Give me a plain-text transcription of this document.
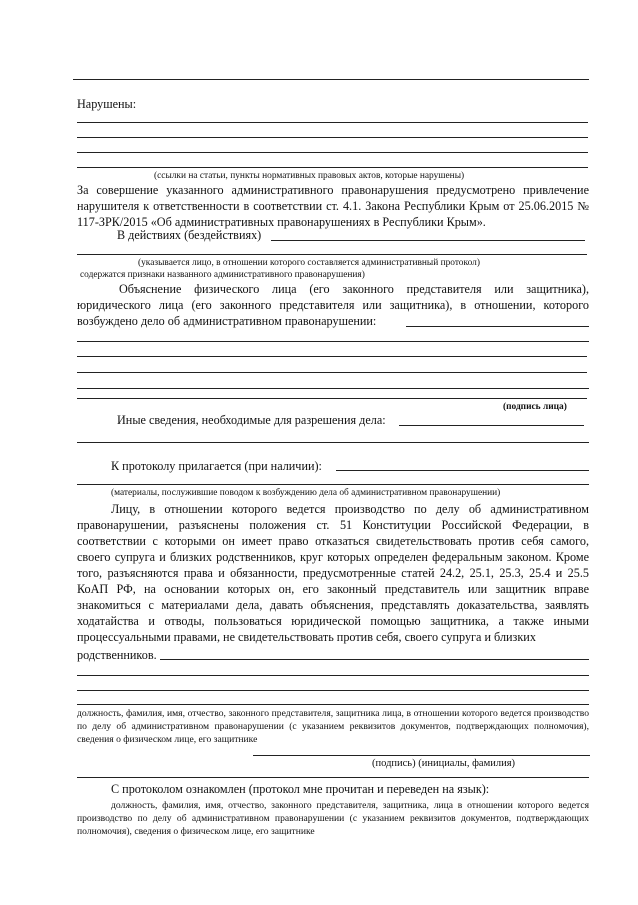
Нарушены:
(ссылки на статьи, пункты нормативных правовых актов, которые нарушены)
За совершение указанного административного правонарушения предусмотрено привлечение нарушителя к ответственности в соответствии ст. 4.1. Закона Республики Крым от 25.06.2015 № 117-ЗРК/2015 «Об административных правонарушениях в Республики Крым».
В действиях (бездействиях)
(указывается лицо, в отношении которого составляется административный протокол)
содержатся признаки названного административного правонарушения)
Объяснение физического лица (его законного представителя или защитника), юридического лица (его законного представителя или защитника), в отношении, которого возбуждено дело об административном правонарушении:
(подпись лица)
Иные сведения, необходимые для разрешения дела:
К протоколу прилагается (при наличии):
(материалы, послужившие поводом к возбуждению дела об административном правонарушении)
Лицу, в отношении которого ведется производство по делу об административном правонарушении, разъяснены положения ст. 51 Конституции Российской Федерации, в соответствии с которыми он имеет право отказаться свидетельствовать против себя самого, своего супруга и близких родственников, круг которых определен федеральным законом. Кроме того, разъясняются права и обязанности, предусмотренные статей 24.2, 25.1, 25.3, 25.4 и 25.5 КоАП РФ, на основании которых он, его законный представитель или защитник вправе знакомиться с материалами дела, давать объяснения, представлять доказательства, заявлять ходатайства и отводы, пользоваться юридической помощью защитника, а также иными процессуальными правами, не свидетельствовать против себя, своего супруга и близких
родственников.
должность, фамилия, имя, отчество, законного представителя, защитника лица, в отношении которого ведется производство по делу об административном правонарушении (с указанием реквизитов документов, подтверждающих полномочия), сведения о физическом лице, его защитнике
(подпись) (инициалы, фамилия)
С протоколом ознакомлен (протокол мне прочитан и переведен на язык):
должность, фамилия, имя, отчество, законного представителя, защитника, лица в отношении которого ведется производство по делу об административном правонарушении (с указанием реквизитов документов, подтверждающих полномочия), сведения о физическом лице, его защитнике
